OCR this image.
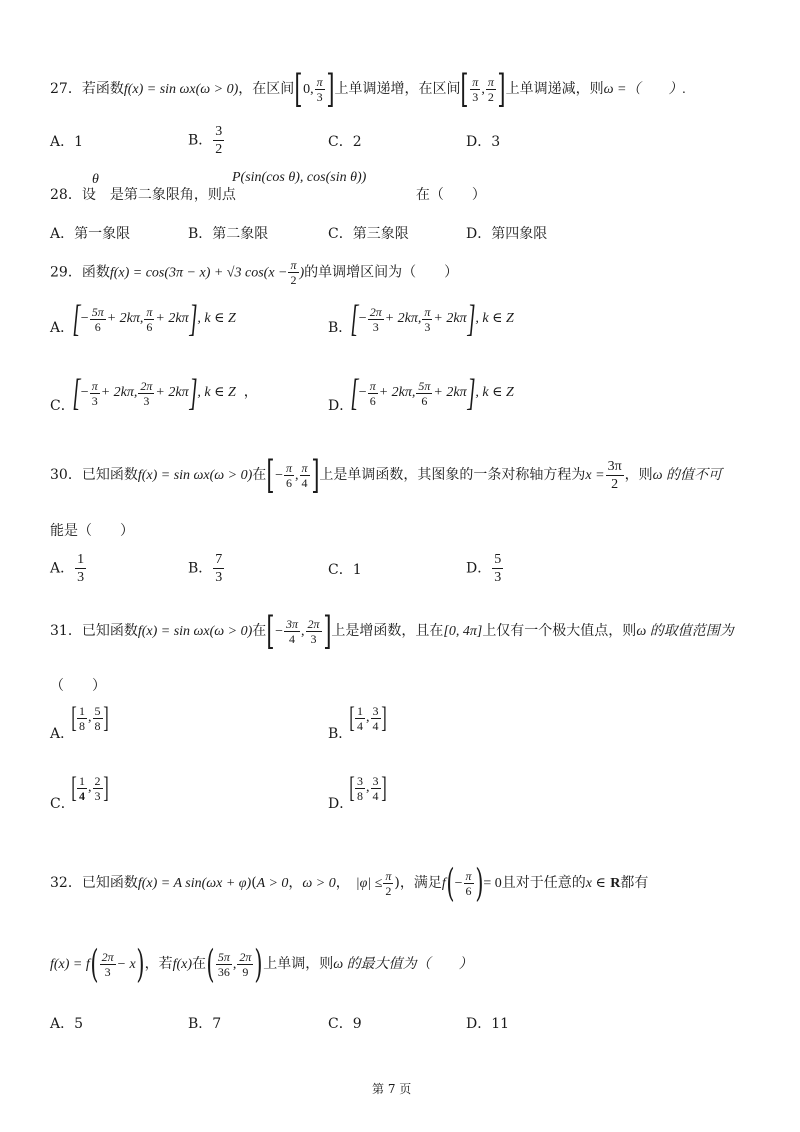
27．若函数f(x) = sin ωx(ω > 0)，在区间[0, $\frac{\pi}{3}$ ]上单调递增，在区间[ $\frac{\pi}{3}$ , $\frac{\pi}{2}$ ]上单调递减，则ω =（　　）.
A．1	B． $\frac{3}{2}$	C．2	D．3
θ	P(sin(cos θ), cos(sin θ))
28．设 是第二象限角，则点	在（　　）
A．第一象限	B．第二象限	C．第三象限	D．第四象限
29．函数f(x) = cos(3π − x) + √3 $\cos(x - \frac{\pi}{2}$ )的单调增区间为（　　）
A．
[− $\frac{5\pi}{6} + 2k\pi$, $\frac{\pi}{6} + 2k\pi$], k ∈ Z
B．
[− $\frac{2\pi}{3} + 2k\pi$, $\frac{\pi}{3} + 2k\pi$], k ∈ Z
C．
[− $\frac{\pi}{3} + 2k\pi$, $\frac{2\pi}{3} + 2k\pi$], k ∈ Z ，
D．
[− $\frac{\pi}{6} + 2k\pi$, $\frac{5\pi}{6} + 2k\pi$], k ∈ Z
30．已知函数f(x) = sin ωx(ω > 0)在[− $\frac{\pi}{6}$ , $\frac{\pi}{4}$ ]上是单调函数，其图象的一条对称轴方程为$x = \frac{3\pi}{2}$ ，则ω 的值不可
能是（　　）
A． $\frac{1}{3}$	B． $\frac{7}{3}$	C．1	D． $\frac{5}{3}$
31．已知函数f(x) = sin ωx(ω > 0)在[− $\frac{3\pi}{4}$ , $\frac{2\pi}{3}$ ]上是增函数，且在[0, 4π]上仅有一个极大值点，则ω 的取值范围为
（　　）
A．
[ $\frac{1}{8}$ , $\frac{5}{8}$ ]	B．
[ $\frac{1}{4}$ , $\frac{3}{4}$ ]
C．
[ $\frac{1}{4}$ , $\frac{2}{3}$ ]	D．
[ $\frac{3}{8}$ , $\frac{3}{4}$ ]
32．已知函数f(x) = A sin(ωx + φ)(A > 0，ω > 0， $|\varphi| \le \frac{\pi}{2}$ )，满足$f(- \frac{\pi}{6}$ )= 0且对于任意的x ∈ R都有
$f(x) = f( \frac{2\pi}{3} - x)$，若f(x)在( $\frac{5\pi}{36}$ , $\frac{2\pi}{9}$ )上单调，则ω 的最大值为（　　）
A．5	B．7	C．9	D．11
第 7 页
